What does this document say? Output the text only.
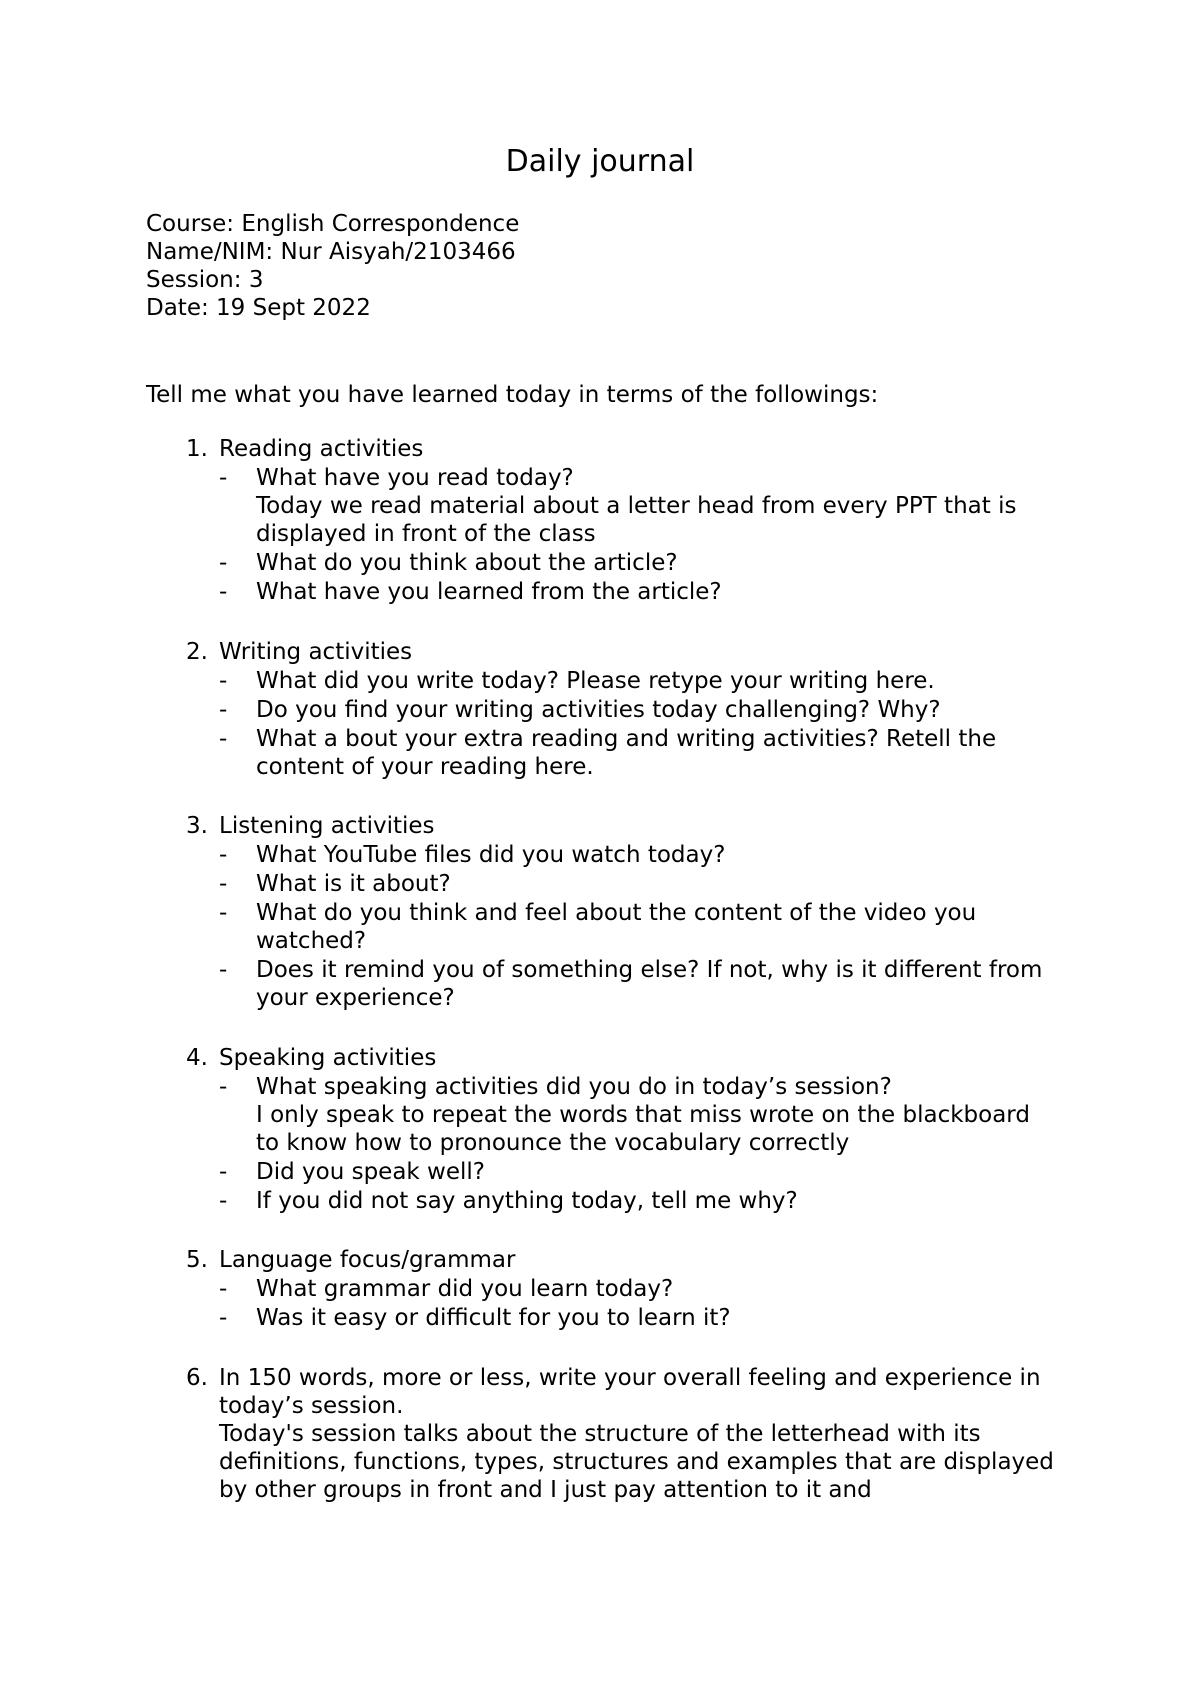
Daily journal
Course: English Correspondence
Name/NIM: Nur Aisyah/2103466
Session: 3
Date: 19 Sept 2022
Tell me what you have learned today in terms of the followings:
1. Reading activities
- What have you read today?
Today we read material about a letter head from every PPT that is displayed in front of the class
- What do you think about the article?
- What have you learned from the article?
2. Writing activities
- What did you write today? Please retype your writing here.
- Do you find your writing activities today challenging? Why?
- What a bout your extra reading and writing activities? Retell the content of your reading here.
3. Listening activities
- What YouTube files did you watch today?
- What is it about?
- What do you think and feel about the content of the video you watched?
- Does it remind you of something else? If not, why is it different from your experience?
4. Speaking activities
- What speaking activities did you do in today’s session?
I only speak to repeat the words that miss wrote on the blackboard to know how to pronounce the vocabulary correctly
- Did you speak well?
- If you did not say anything today, tell me why?
5. Language focus/grammar
- What grammar did you learn today?
- Was it easy or difficult for you to learn it?
6. In 150 words, more or less, write your overall feeling and experience in today’s session.
Today's session talks about the structure of the letterhead with its definitions, functions, types, structures and examples that are displayed by other groups in front and I just pay attention to it and
